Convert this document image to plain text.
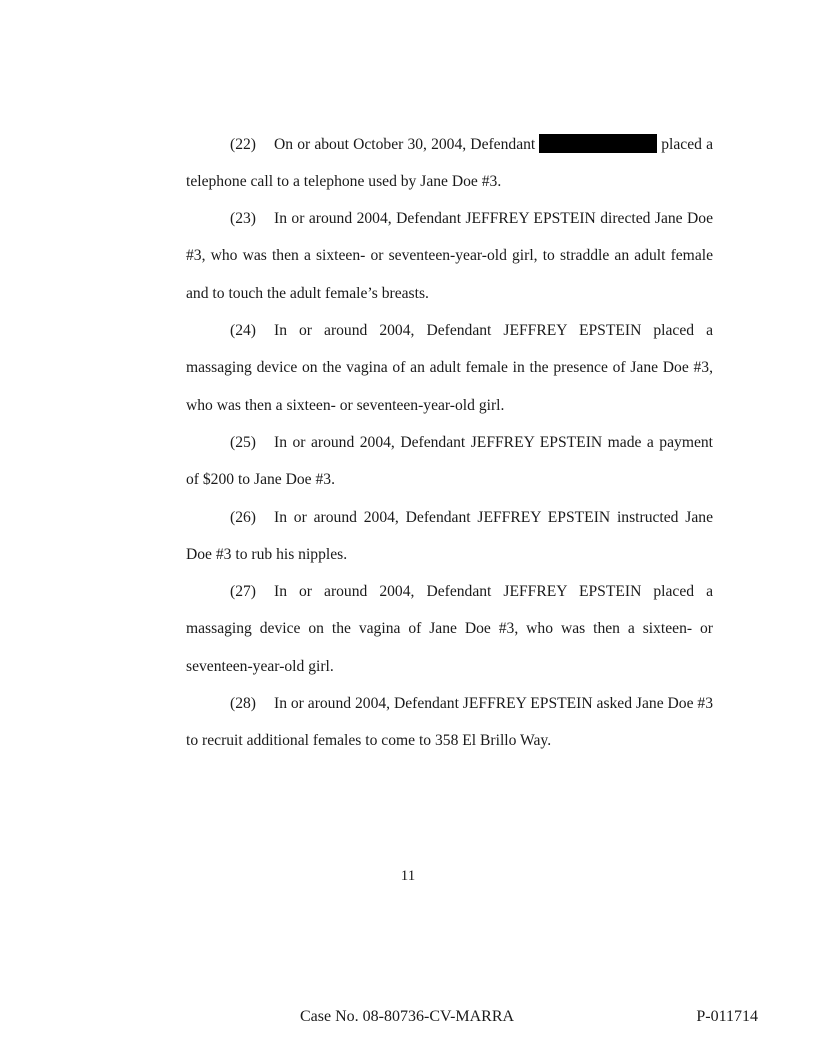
(22) On or about October 30, 2004, Defendant	placed a telephone call to a telephone used by Jane Doe #3.

(23) In or around 2004, Defendant JEFFREY EPSTEIN directed Jane Doe #3, who was then a sixteen- or seventeen-year-old girl, to straddle an adult female and to touch the adult female’s breasts.

(24) In or around 2004, Defendant JEFFREY EPSTEIN placed a massaging device on the vagina of an adult female in the presence of Jane Doe #3, who was then a sixteen- or seventeen-year-old girl.

(25) In or around 2004, Defendant JEFFREY EPSTEIN made a payment of $200 to Jane Doe #3.

(26) In or around 2004, Defendant JEFFREY EPSTEIN instructed Jane Doe #3 to rub his nipples.

(27) In or around 2004, Defendant JEFFREY EPSTEIN placed a massaging device on the vagina of Jane Doe #3, who was then a sixteen- or seventeen-year-old girl.

(28) In or around 2004, Defendant JEFFREY EPSTEIN asked Jane Doe #3 to recruit additional females to come to 358 El Brillo Way.

11
Case No. 08-80736-CV-MARRA	P-011714
